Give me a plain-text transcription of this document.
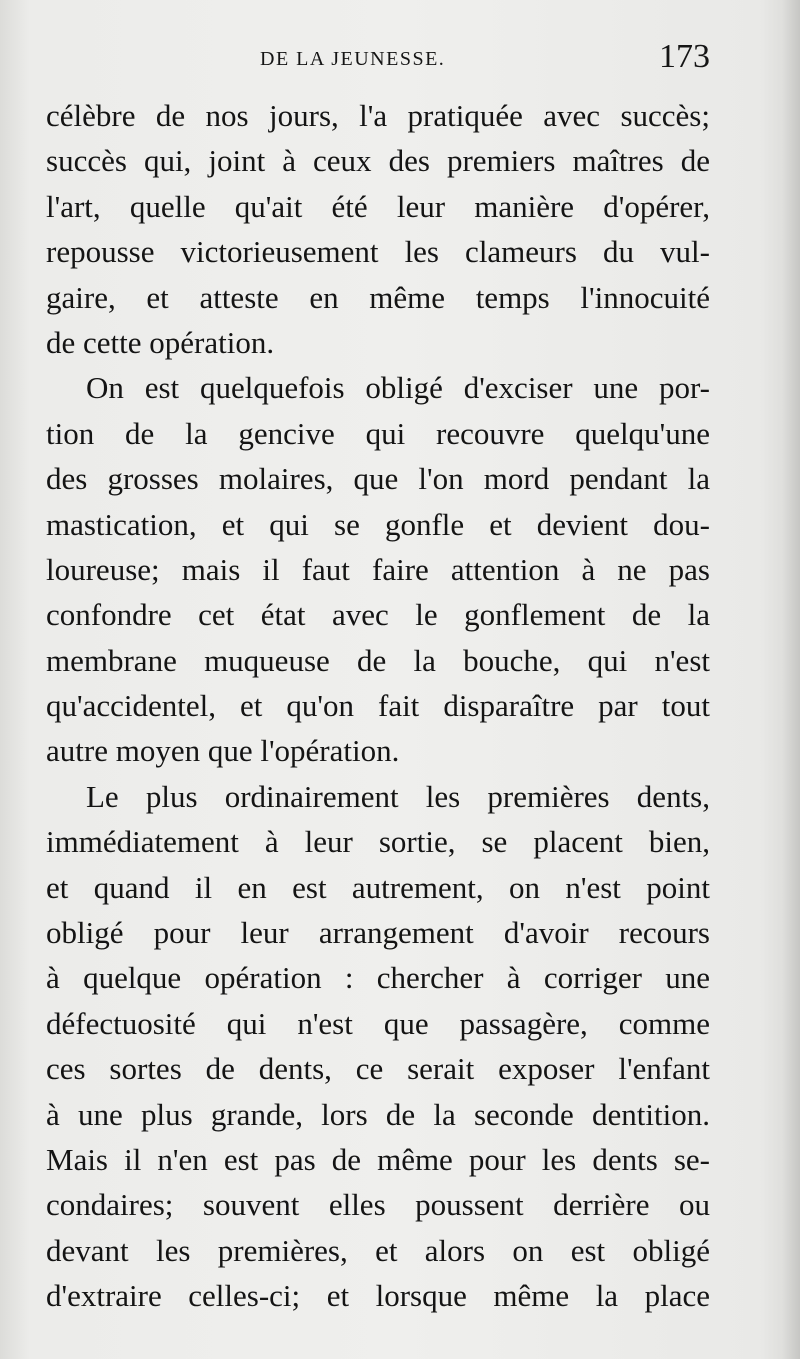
DE LA JEUNESSE.	173
célèbre de nos jours, l'a pratiquée avec succès;
succès qui, joint à ceux des premiers maîtres de
l'art, quelle qu'ait été leur manière d'opérer,
repousse victorieusement les clameurs du vul-
gaire, et atteste en même temps l'innocuité
de cette opération.
On est quelquefois obligé d'exciser une por-
tion de la gencive qui recouvre quelqu'une
des grosses molaires, que l'on mord pendant la
mastication, et qui se gonfle et devient dou-
loureuse; mais il faut faire attention à ne pas
confondre cet état avec le gonflement de la
membrane muqueuse de la bouche, qui n'est
qu'accidentel, et qu'on fait disparaître par tout
autre moyen que l'opération.
Le plus ordinairement les premières dents,
immédiatement à leur sortie, se placent bien,
et quand il en est autrement, on n'est point
obligé pour leur arrangement d'avoir recours
à quelque opération : chercher à corriger une
défectuosité qui n'est que passagère, comme
ces sortes de dents, ce serait exposer l'enfant
à une plus grande, lors de la seconde dentition.
Mais il n'en est pas de même pour les dents se-
condaires; souvent elles poussent derrière ou
devant les premières, et alors on est obligé
d'extraire celles-ci; et lorsque même la place
